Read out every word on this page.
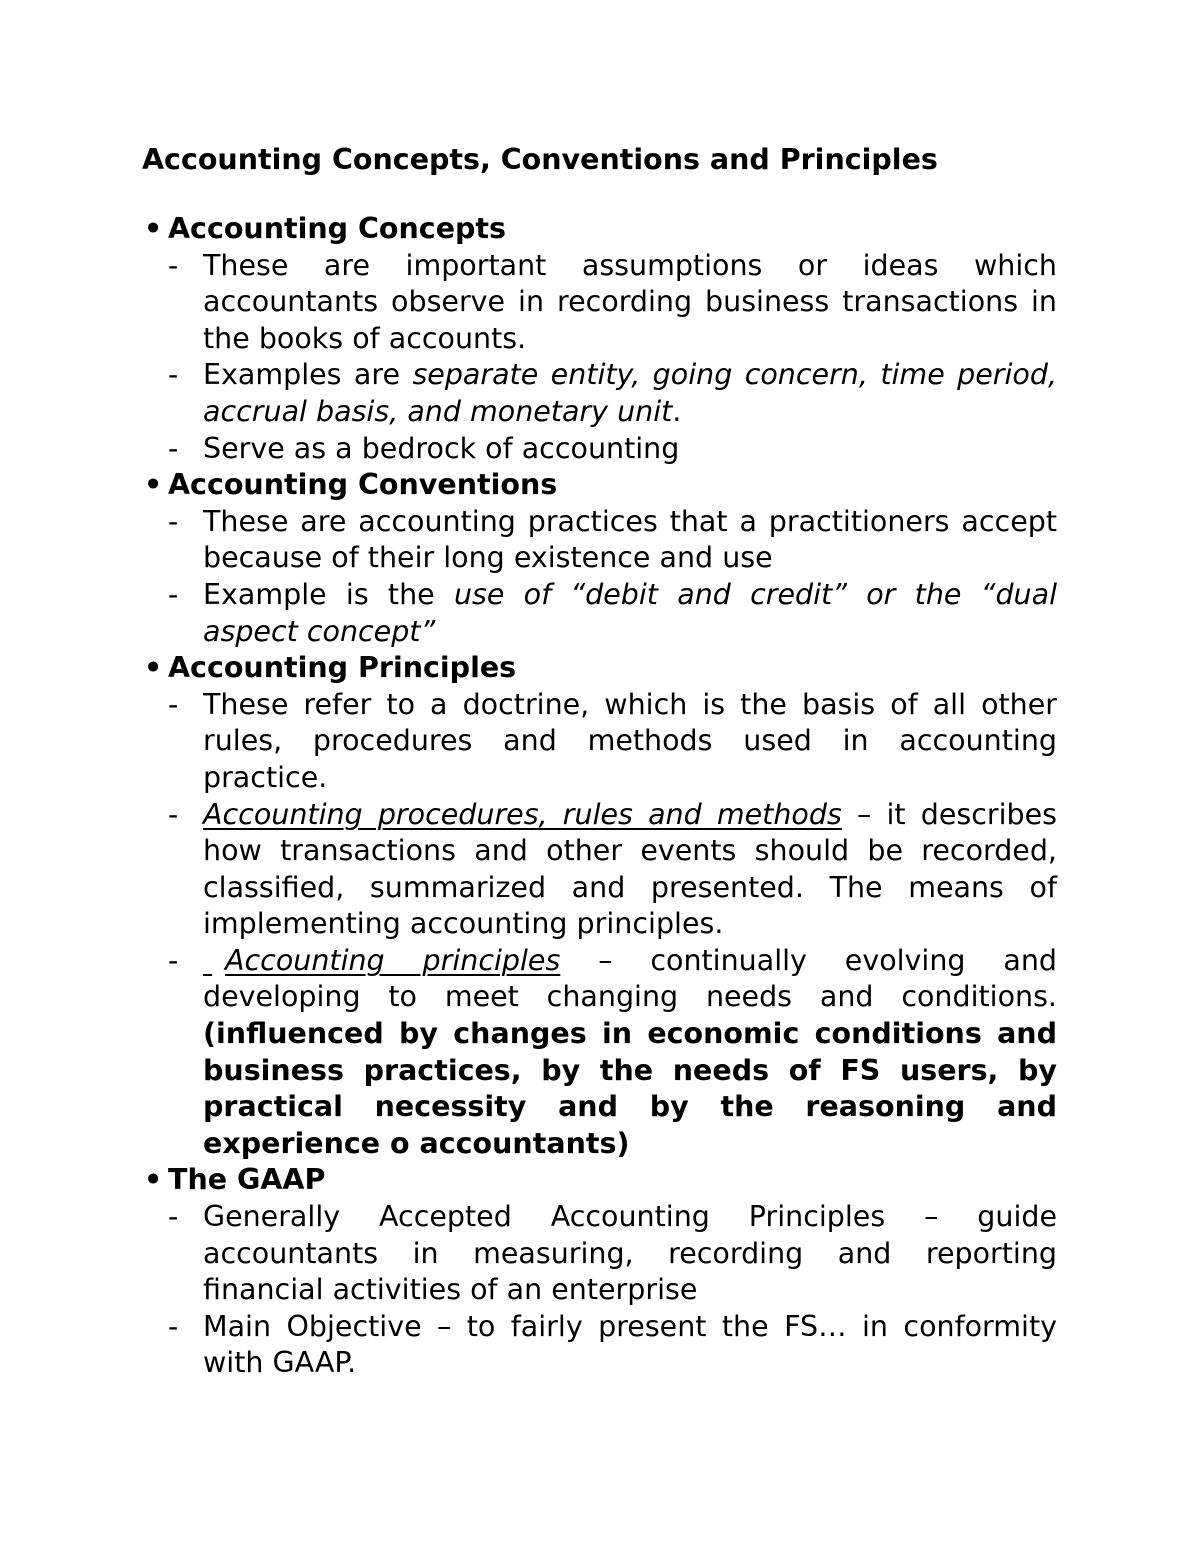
Accounting Concepts, Conventions and Principles
• Accounting Concepts

- These are important assumptions or ideas which accountants observe in recording business transactions in the books of accounts.

- Examples are separate entity, going concern, time period, accrual basis, and monetary unit.

- Serve as a bedrock of accounting

• Accounting Conventions

- These are accounting practices that a practitioners accept because of their long existence and use

- Example is the use of “debit and credit” or the “dual aspect concept”

• Accounting Principles

- These refer to a doctrine, which is the basis of all other rules, procedures and methods used in accounting practice.

- Accounting procedures, rules and methods – it describes how transactions and other events should be recorded, classified, summarized and presented. The means of implementing accounting principles.

- Accounting principles – continually evolving and developing to meet changing needs and conditions. (influenced by changes in economic conditions and business practices, by the needs of FS users, by practical necessity and by the reasoning and experience o accountants)

• The GAAP

- Generally Accepted Accounting Principles – guide accountants in measuring, recording and reporting financial activities of an enterprise

- Main Objective – to fairly present the FS… in conformity with GAAP.
